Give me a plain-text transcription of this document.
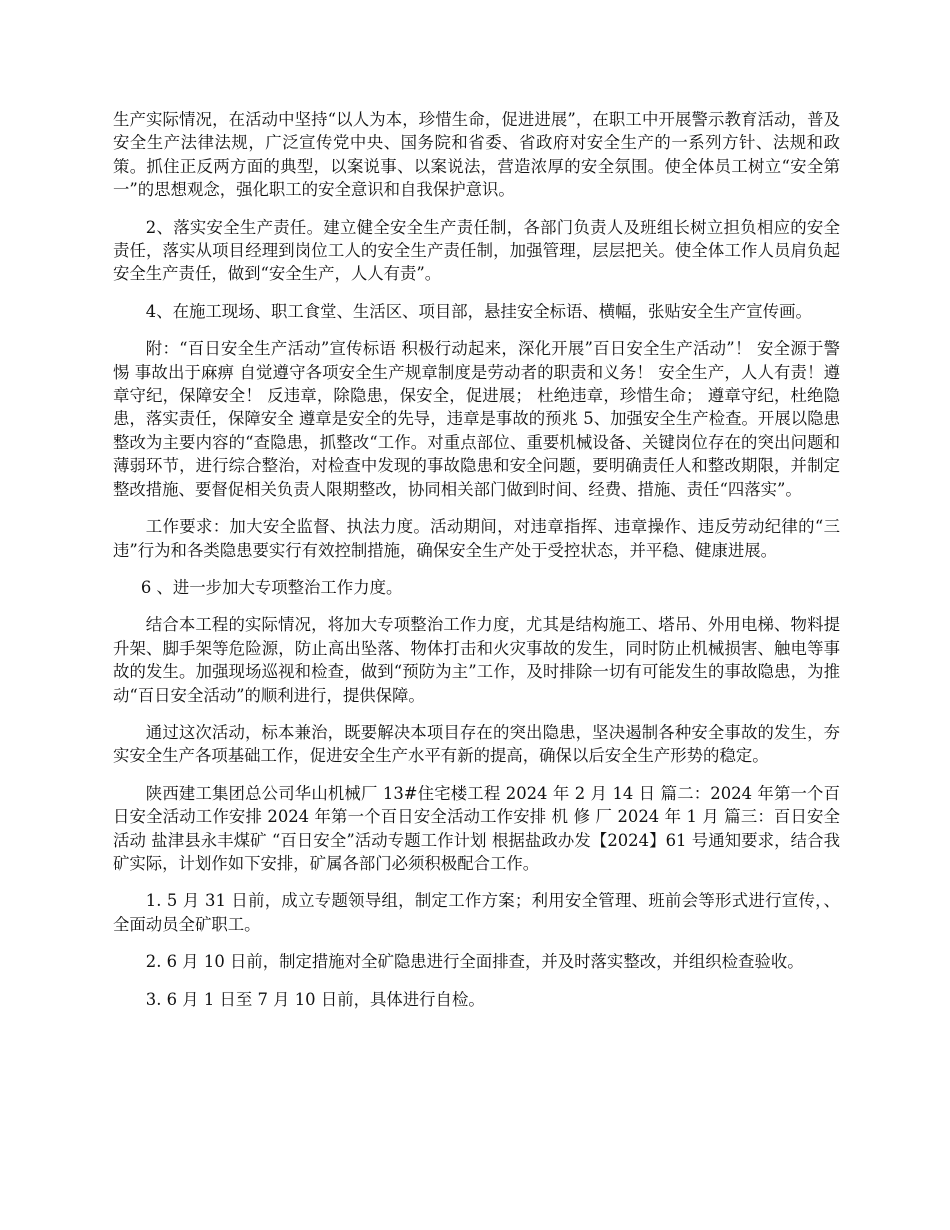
生产实际情况，在活动中坚持“以人为本，珍惜生命，促进进展”，在职工中开展警示教育活动，普及安全生产法律法规，广泛宣传党中央、国务院和省委、省政府对安全生产的一系列方针、法规和政策。抓住正反两方面的典型，以案说事、以案说法，营造浓厚的安全氛围。使全体员工树立“安全第一”的思想观念，强化职工的安全意识和自我保护意识。

2、落实安全生产责任。建立健全安全生产责任制，各部门负责人及班组长树立担负相应的安全责任，落实从项目经理到岗位工人的安全生产责任制，加强管理，层层把关。使全体工作人员肩负起安全生产责任，做到“安全生产，人人有责”。

4、在施工现场、职工食堂、生活区、项目部，悬挂安全标语、横幅，张贴安全生产宣传画。

附：“百日安全生产活动”宣传标语 积极行动起来，深化开展”百日安全生产活动”！ 安全源于警惕 事故出于麻痹 自觉遵守各项安全生产规章制度是劳动者的职责和义务！ 安全生产，人人有责！遵章守纪，保障安全！ 反违章，除隐患，保安全，促进展； 杜绝违章，珍惜生命； 遵章守纪，杜绝隐患，落实责任，保障安全 遵章是安全的先导，违章是事故的预兆 5、加强安全生产检查。开展以隐患整改为主要内容的“查隐患，抓整改“工作。对重点部位、重要机械设备、关键岗位存在的突出问题和薄弱环节，进行综合整治，对检查中发现的事故隐患和安全问题，要明确责任人和整改期限，并制定整改措施、要督促相关负责人限期整改，协同相关部门做到时间、经费、措施、责任“四落实”。

工作要求：加大安全监督、执法力度。活动期间，对违章指挥、违章操作、违反劳动纪律的“三违”行为和各类隐患要实行有效控制措施，确保安全生产处于受控状态，并平稳、健康进展。

6 、进一步加大专项整治工作力度。

结合本工程的实际情况，将加大专项整治工作力度，尤其是结构施工、塔吊、外用电梯、物料提升架、脚手架等危险源，防止高出坠落、物体打击和火灾事故的发生，同时防止机械损害、触电等事故的发生。加强现场巡视和检查，做到“预防为主”工作，及时排除一切有可能发生的事故隐患，为推动“百日安全活动”的顺利进行，提供保障。

通过这次活动，标本兼治，既要解决本项目存在的突出隐患，坚决遏制各种安全事故的发生，夯实安全生产各项基础工作，促进安全生产水平有新的提高，确保以后安全生产形势的稳定。

陕西建工集团总公司华山机械厂 13#住宅楼工程 2024 年 2 月 14 日 篇二：2024 年第一个百日安全活动工作安排 2024 年第一个百日安全活动工作安排 机 修 厂 2024 年 1 月 篇三：百日安全活动 盐津县永丰煤矿 “百日安全”活动专题工作计划 根据盐政办发【2024】61 号通知要求，结合我矿实际，计划作如下安排，矿属各部门必须积极配合工作。

1. 5 月 31 日前，成立专题领导组，制定工作方案；利用安全管理、班前会等形式进行宣传，、全面动员全矿职工。

2. 6 月 10 日前，制定措施对全矿隐患进行全面排查，并及时落实整改，并组织检查验收。

3. 6 月 1 日至 7 月 10 日前，具体进行自检。
